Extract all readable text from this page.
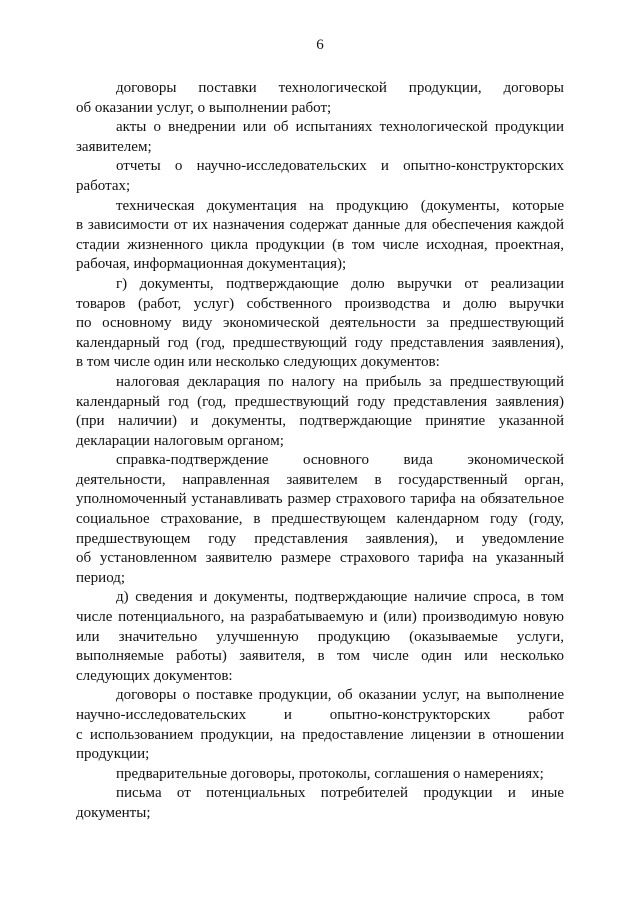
6
договоры поставки технологической продукции, договоры
об оказании услуг, о выполнении работ;
акты о внедрении или об испытаниях технологической продукции
заявителем;
отчеты о научно-исследовательских и опытно-конструкторских
работах;
техническая документация на продукцию (документы, которые
в зависимости от их назначения содержат данные для обеспечения каждой
стадии жизненного цикла продукции (в том числе исходная, проектная,
рабочая, информационная документация);
г) документы, подтверждающие долю выручки от реализации
товаров (работ, услуг) собственного производства и долю выручки
по основному виду экономической деятельности за предшествующий
календарный год (год, предшествующий году представления заявления),
в том числе один или несколько следующих документов:
налоговая декларация по налогу на прибыль за предшествующий
календарный год (год, предшествующий году представления заявления)
(при наличии) и документы, подтверждающие принятие указанной
декларации налоговым органом;
справка-подтверждение основного вида экономической
деятельности, направленная заявителем в государственный орган,
уполномоченный устанавливать размер страхового тарифа на обязательное
социальное страхование, в предшествующем календарном году (году,
предшествующем году представления заявления), и уведомление
об установленном заявителю размере страхового тарифа на указанный
период;
д) сведения и документы, подтверждающие наличие спроса, в том
числе потенциального, на разрабатываемую и (или) производимую новую
или значительно улучшенную продукцию (оказываемые услуги,
выполняемые работы) заявителя, в том числе один или несколько
следующих документов:
договоры о поставке продукции, об оказании услуг, на выполнение
научно-исследовательских и опытно-конструкторских работ
с использованием продукции, на предоставление лицензии в отношении
продукции;
предварительные договоры, протоколы, соглашения о намерениях;
письма от потенциальных потребителей продукции и иные
документы;
